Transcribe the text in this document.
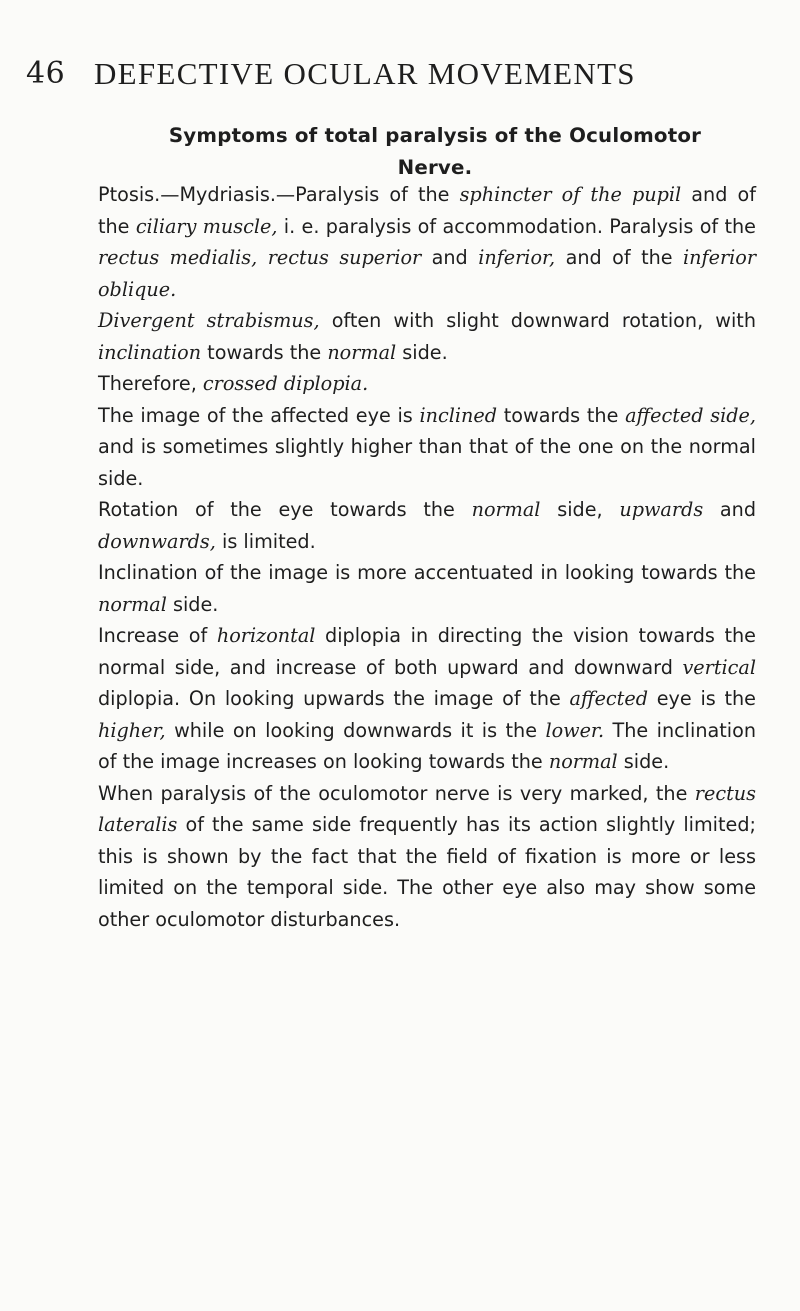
46 DEFECTIVE OCULAR MOVEMENTS
Symptoms of total paralysis of the Oculomotor Nerve.

Ptosis.—Mydriasis.—Paralysis of the sphincter of the pupil and of the ciliary muscle, i. e. paralysis of accommodation. Paralysis of the rectus medialis, rectus superior and inferior, and of the inferior oblique.

Divergent strabismus, often with slight downward rotation, with inclination towards the normal side.

Therefore, crossed diplopia.

The image of the affected eye is inclined towards the affected side, and is sometimes slightly higher than that of the one on the normal side.

Rotation of the eye towards the normal side, upwards and downwards, is limited.

Inclination of the image is more accentuated in looking towards the normal side.

Increase of horizontal diplopia in directing the vision towards the normal side, and increase of both upward and downward vertical diplopia. On looking upwards the image of the affected eye is the higher, while on looking downwards it is the lower. The inclination of the image increases on looking towards the normal side.

When paralysis of the oculomotor nerve is very marked, the rectus lateralis of the same side frequently has its action slightly limited; this is shown by the fact that the field of fixation is more or less limited on the temporal side. The other eye also may show some other oculomotor disturbances.
